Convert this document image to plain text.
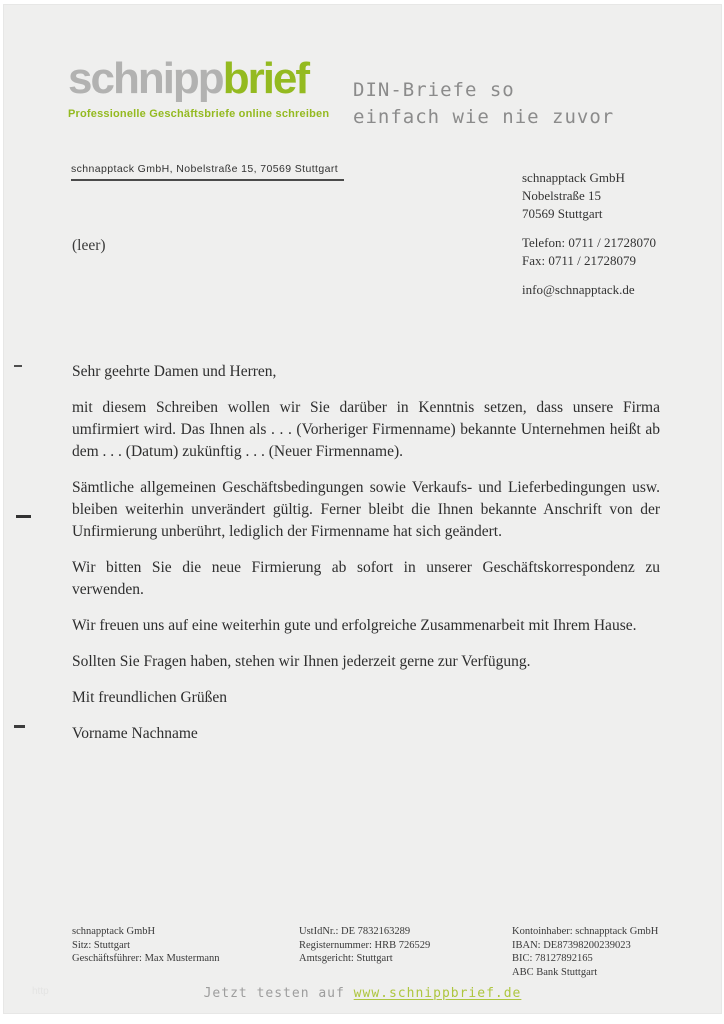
schnippbrief
Professionelle Geschäftsbriefe online schreiben
DIN-Briefe so
einfach wie nie zuvor
schnapptack GmbH, Nobelstraße 15, 70569 Stuttgart
(leer)
schnapptack GmbH
Nobelstraße 15
70569 Stuttgart
Telefon: 0711 / 21728070
Fax: 0711 / 21728079
info@schnapptack.de

Sehr geehrte Damen und Herren,

mit diesem Schreiben wollen wir Sie darüber in Kenntnis setzen, dass unsere Firma umfirmiert wird. Das Ihnen als . . . (Vorheriger Firmenname) bekannte Unternehmen heißt ab dem . . . (Datum) zukünftig . . . (Neuer Firmenname).

Sämtliche allgemeinen Geschäftsbedingungen sowie Verkaufs- und Lieferbedingungen usw. bleiben weiterhin unverändert gültig. Ferner bleibt die Ihnen bekannte Anschrift von der Unfirmierung unberührt, lediglich der Firmenname hat sich geändert.

Wir bitten Sie die neue Firmierung ab sofort in unserer Geschäftskorrespondenz zu verwenden.

Wir freuen uns auf eine weiterhin gute und erfolgreiche Zusammenarbeit mit Ihrem Hause.

Sollten Sie Fragen haben, stehen wir Ihnen jederzeit gerne zur Verfügung.

Mit freundlichen Grüßen

Vorname Nachname

schnapptack GmbH
Sitz: Stuttgart
Geschäftsführer: Max Mustermann
UstIdNr.: DE 7832163289
Registernummer: HRB 726529
Amtsgericht: Stuttgart
Kontoinhaber: schnapptack GmbH
IBAN: DE87398200239023
BIC: 78127892165
ABC Bank Stuttgart
Jetzt testen auf www.schnippbrief.de
http
